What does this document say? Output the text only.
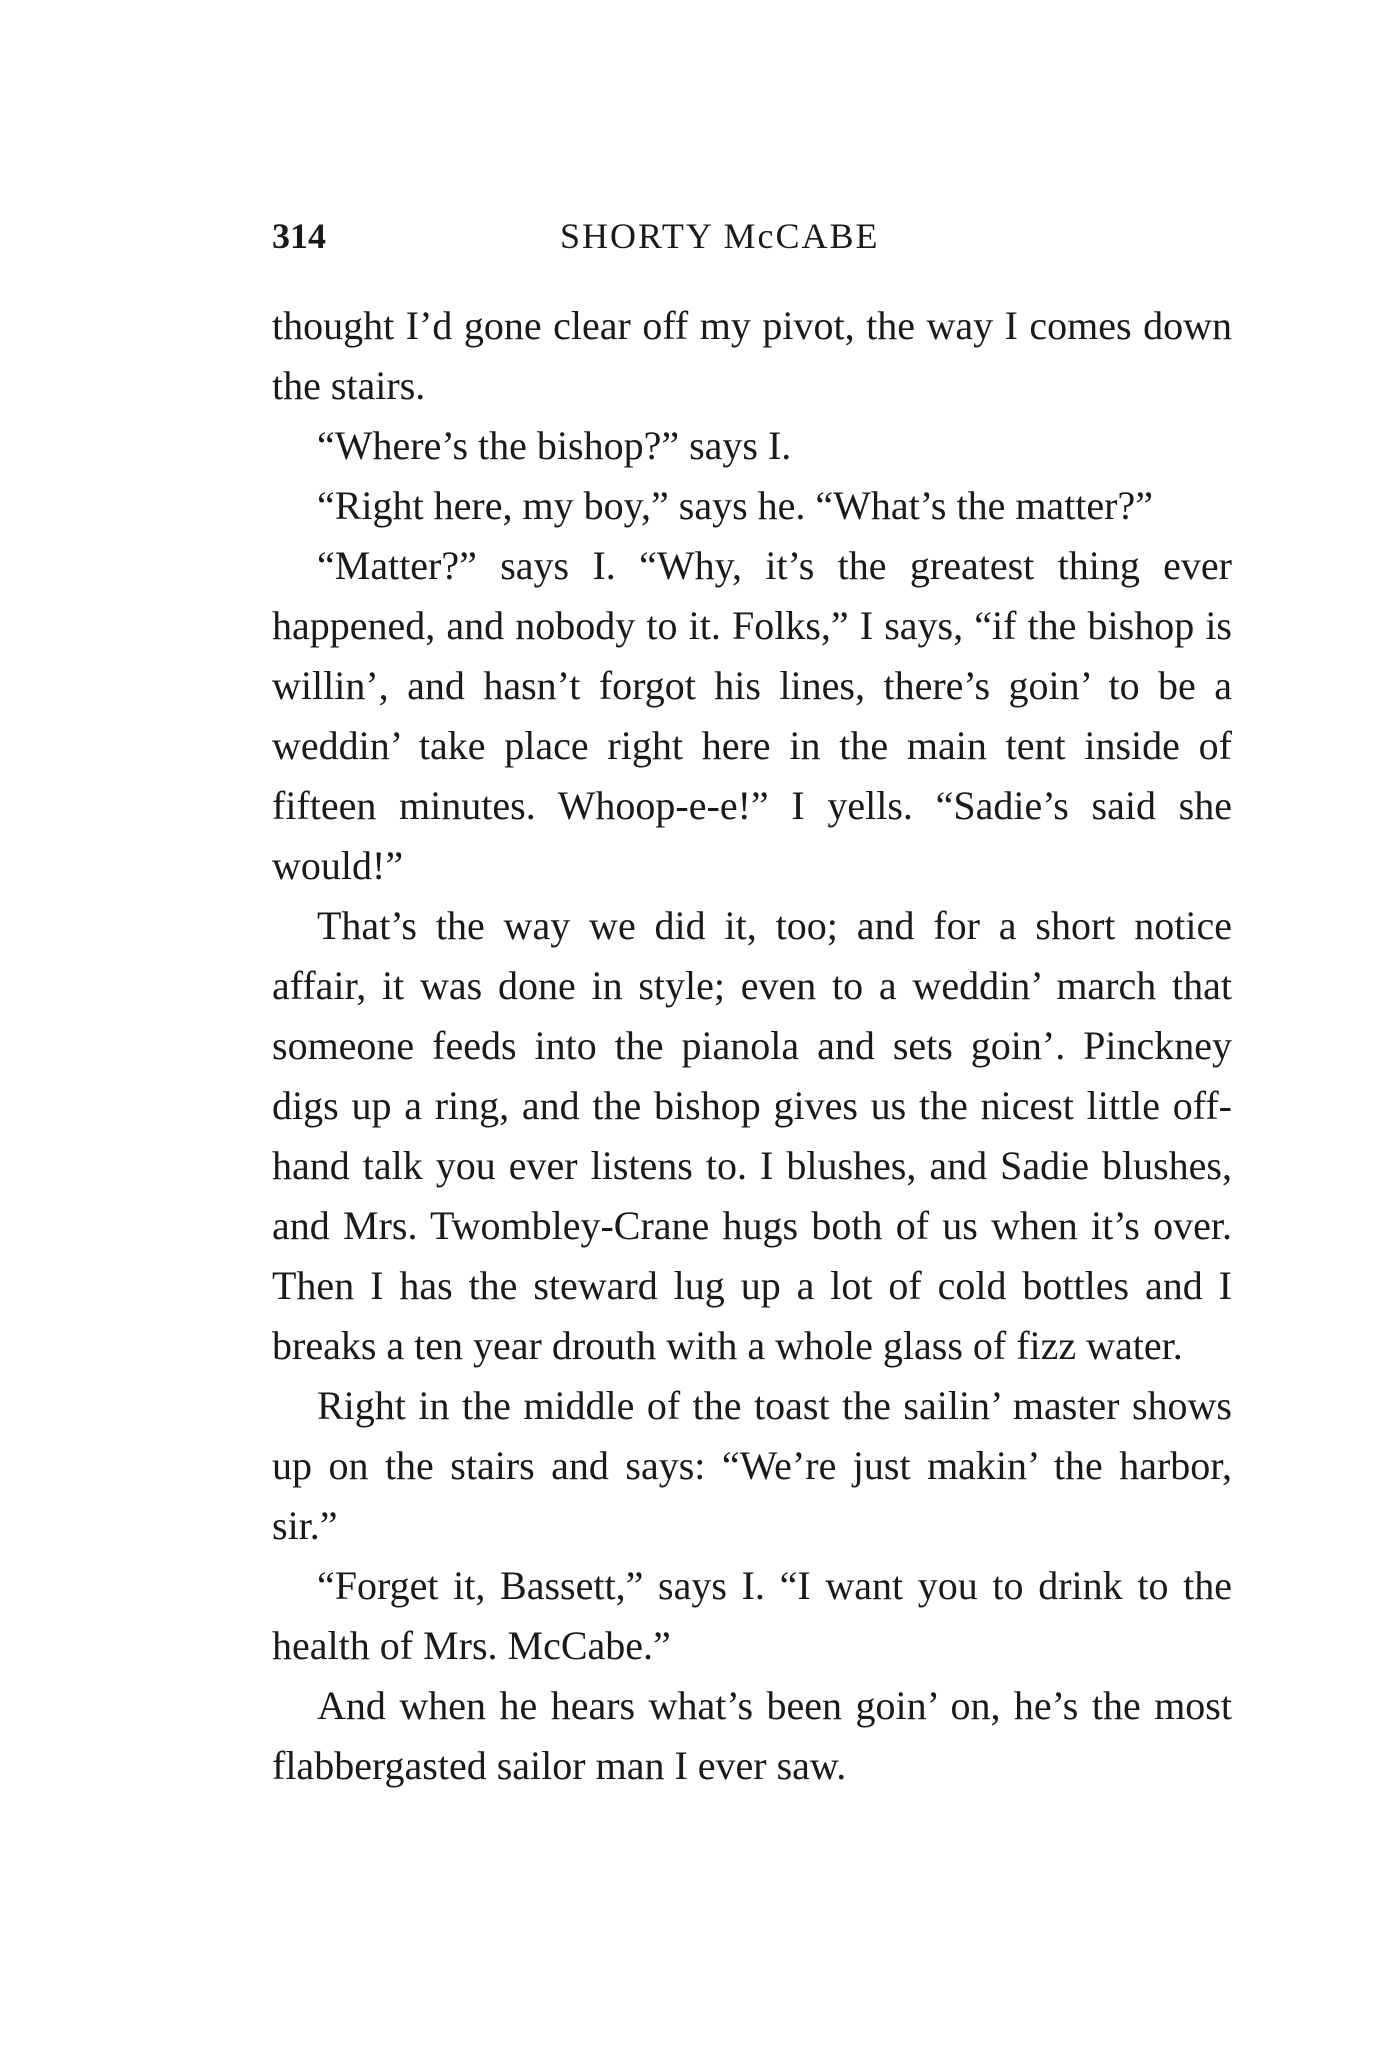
314	SHORTY McCABE

thought I’d gone clear off my pivot, the way I comes down the stairs.

“Where’s the bishop?” says I.

“Right here, my boy,” says he. “What’s the matter?”

“Matter?” says I. “Why, it’s the greatest thing ever happened, and nobody to it. Folks,” I says, “if the bishop is willin’, and hasn’t forgot his lines, there’s goin’ to be a weddin’ take place right here in the main tent inside of fifteen minutes. Whoop-e-e!” I yells. “Sadie’s said she would!”

That’s the way we did it, too; and for a short notice affair, it was done in style; even to a weddin’ march that someone feeds into the pianola and sets goin’. Pinckney digs up a ring, and the bishop gives us the nicest little off-hand talk you ever listens to. I blushes, and Sadie blushes, and Mrs. Twombley-Crane hugs both of us when it’s over. Then I has the steward lug up a lot of cold bottles and I breaks a ten year drouth with a whole glass of fizz water.

Right in the middle of the toast the sailin’ master shows up on the stairs and says: “We’re just makin’ the harbor, sir.”

“Forget it, Bassett,” says I. “I want you to drink to the health of Mrs. McCabe.”

And when he hears what’s been goin’ on, he’s the most flabbergasted sailor man I ever saw.
